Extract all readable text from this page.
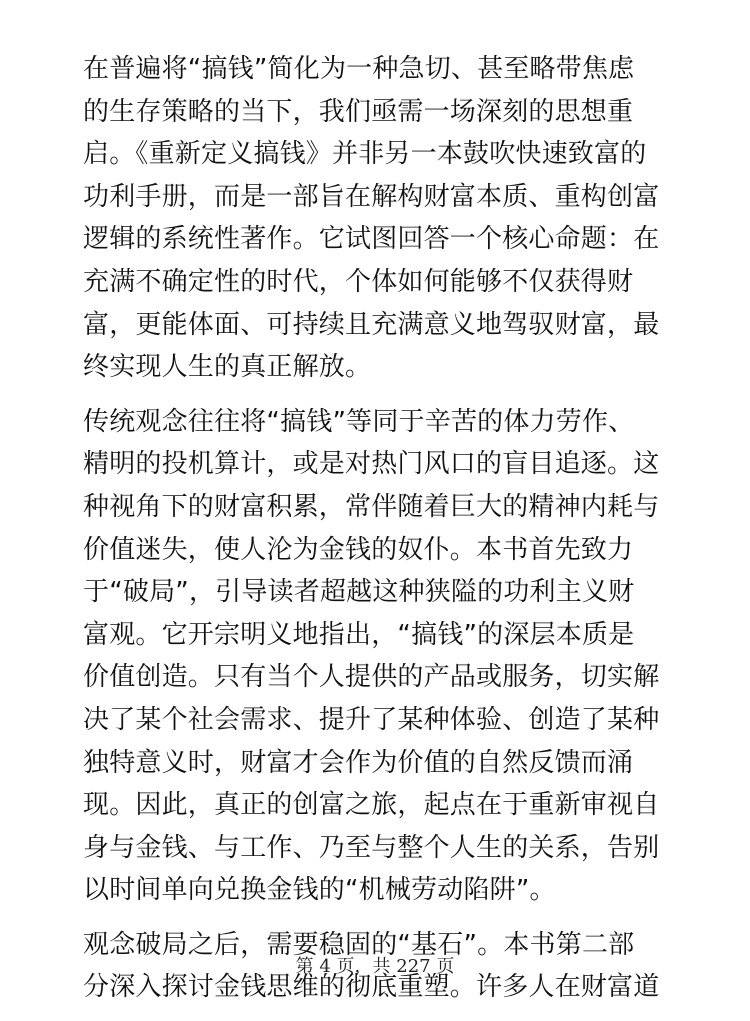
在普遍将“搞钱”简化为一种急切、甚至略带焦虑
的生存策略的当下，我们亟需一场深刻的思想重
启。《重新定义搞钱》并非另一本鼓吹快速致富的
功利手册，而是一部旨在解构财富本质、重构创富
逻辑的系统性著作。它试图回答一个核心命题：在
充满不确定性的时代，个体如何能够不仅获得财
富，更能体面、可持续且充满意义地驾驭财富，最
终实现人生的真正解放。

传统观念往往将“搞钱”等同于辛苦的体力劳作、
精明的投机算计，或是对热门风口的盲目追逐。这
种视角下的财富积累，常伴随着巨大的精神内耗与
价值迷失，使人沦为金钱的奴仆。本书首先致力
于“破局”，引导读者超越这种狭隘的功利主义财
富观。它开宗明义地指出，“搞钱”的深层本质是
价值创造。只有当个人提供的产品或服务，切实解
决了某个社会需求、提升了某种体验、创造了某种
独特意义时，财富才会作为价值的自然反馈而涌
现。因此，真正的创富之旅，起点在于重新审视自
身与金钱、与工作、乃至与整个人生的关系，告别
以时间单向兑换金钱的“机械劳动陷阱”。

观念破局之后，需要稳固的“基石”。本书第二部
分深入探讨金钱思维的彻底重塑。许多人在财富道

第 4 页，共 227 页
